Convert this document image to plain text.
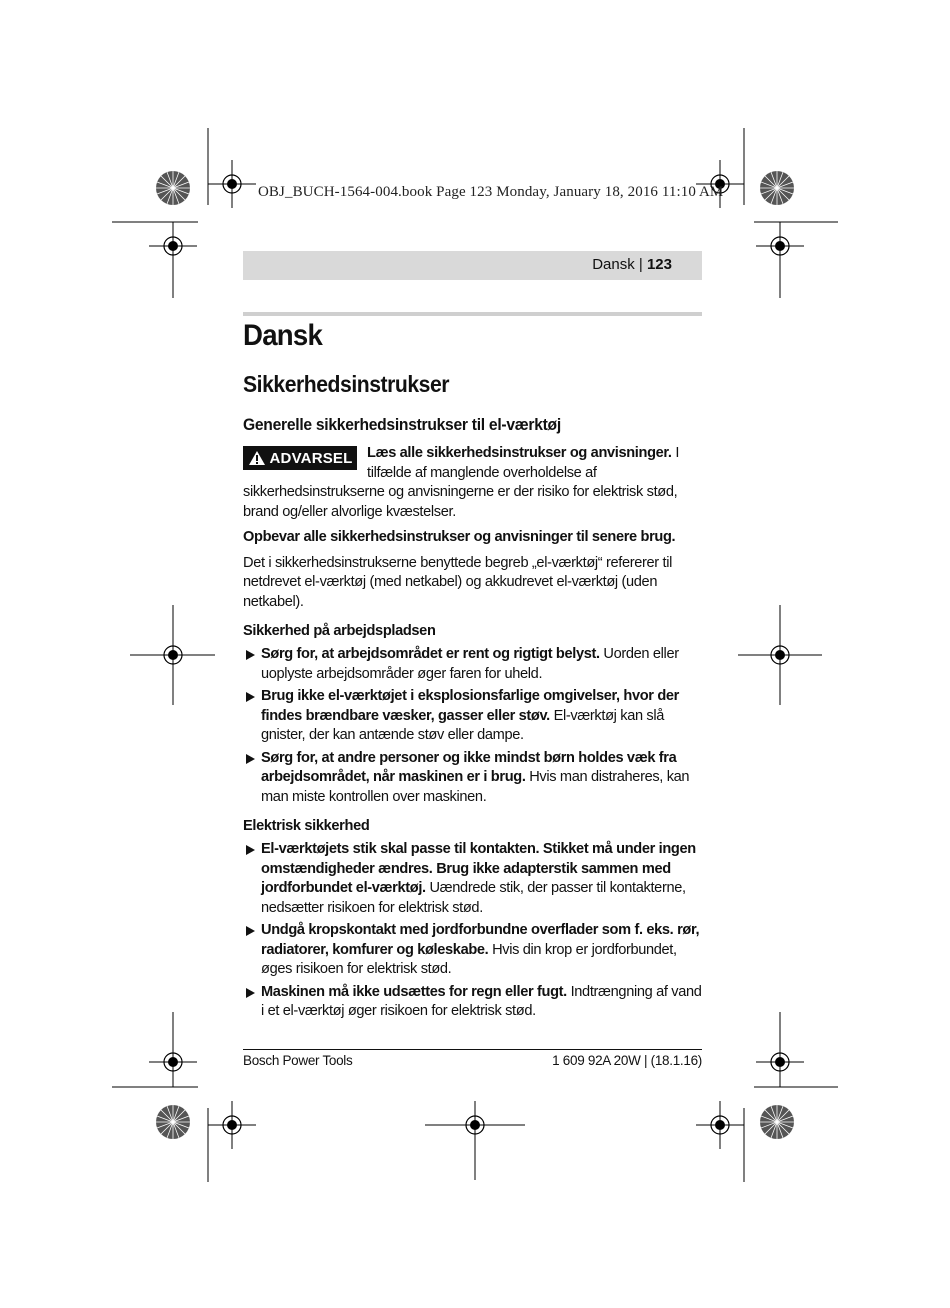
OBJ_BUCH-1564-004.book Page 123 Monday, January 18, 2016 11:10 AM
Dansk | 123
Dansk
Sikkerhedsinstrukser
Generelle sikkerhedsinstrukser til el-værktøj
ADVARSEL Læs alle sikkerhedsinstrukser og anvisninger. I tilfælde af manglende overholdelse af sikkerhedsinstrukserne og anvisningerne er der risiko for elektrisk stød, brand og/eller alvorlige kvæstelser.

Opbevar alle sikkerhedsinstrukser og anvisninger til senere brug.

Det i sikkerhedsinstrukserne benyttede begreb „el-værktøj“ refererer til netdrevet el-værktøj (med netkabel) og akkudrevet el-værktøj (uden netkabel).

Sikkerhed på arbejdspladsen
Sørg for, at arbejdsområdet er rent og rigtigt belyst. Uorden eller uoplyste arbejdsområder øger faren for uheld.
Brug ikke el-værktøjet i eksplosionsfarlige omgivelser, hvor der findes brændbare væsker, gasser eller støv. El-værktøj kan slå gnister, der kan antænde støv eller dampe.
Sørg for, at andre personer og ikke mindst børn holdes væk fra arbejdsområdet, når maskinen er i brug. Hvis man distraheres, kan man miste kontrollen over maskinen.
Elektrisk sikkerhed
El-værktøjets stik skal passe til kontakten. Stikket må under ingen omstændigheder ændres. Brug ikke adapterstik sammen med jordforbundet el-værktøj. Uændrede stik, der passer til kontakterne, nedsætter risikoen for elektrisk stød.
Undgå kropskontakt med jordforbundne overflader som f. eks. rør, radiatorer, komfurer og køleskabe. Hvis din krop er jordforbundet, øges risikoen for elektrisk stød.
Maskinen må ikke udsættes for regn eller fugt. Indtrængning af vand i et el-værktøj øger risikoen for elektrisk stød.
Bosch Power Tools	1 609 92A 20W | (18.1.16)
